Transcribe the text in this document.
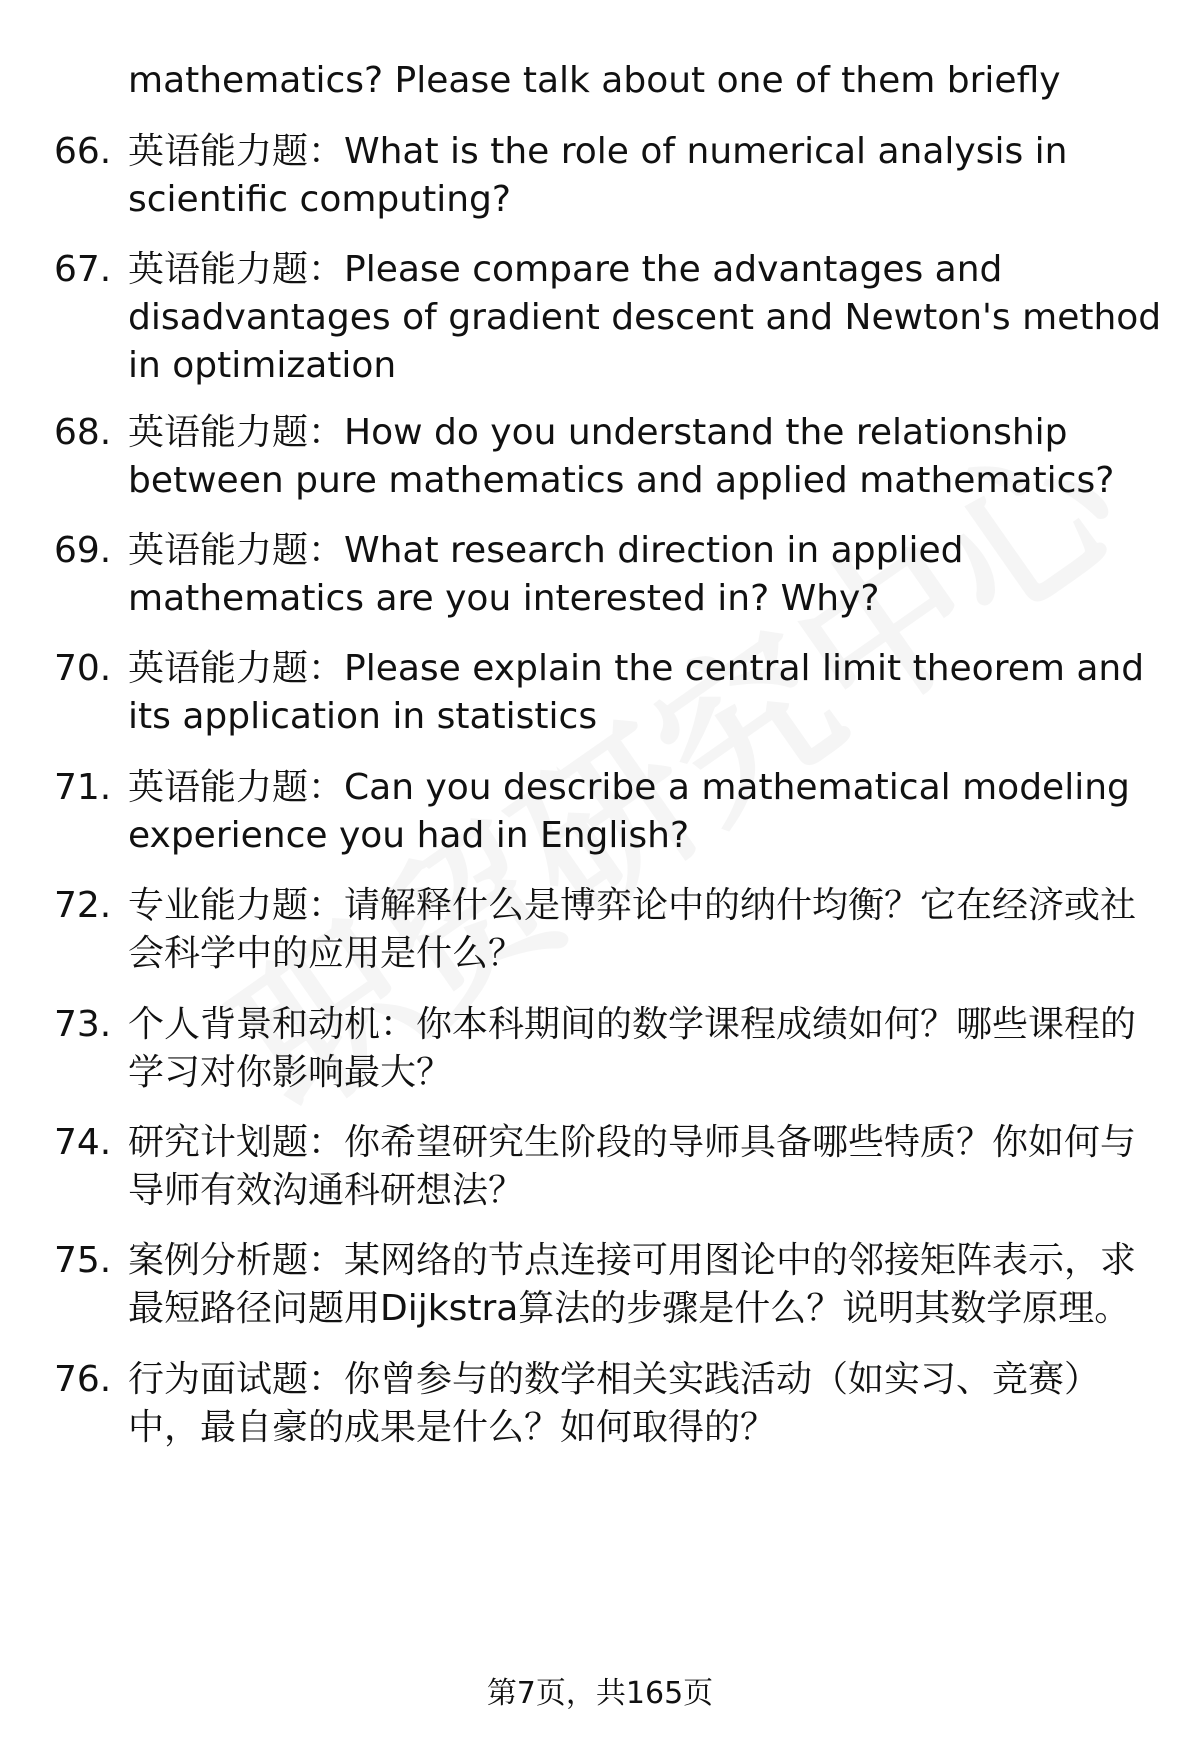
mathematics? Please talk about one of them briefly
66. 英语能力题：What is the role of numerical analysis in scientific computing?
67. 英语能力题：Please compare the advantages and disadvantages of gradient descent and Newton's method in optimization
68. 英语能力题：How do you understand the relationship between pure mathematics and applied mathematics?
69. 英语能力题：What research direction in applied mathematics are you interested in? Why?
70. 英语能力题：Please explain the central limit theorem and its application in statistics
71. 英语能力题：Can you describe a mathematical modeling experience you had in English?
72. 专业能力题：请解释什么是博弈论中的纳什均衡？它在经济或社会科学中的应用是什么？
73. 个人背景和动机：你本科期间的数学课程成绩如何？哪些课程的学习对你影响最大？
74. 研究计划题：你希望研究生阶段的导师具备哪些特质？你如何与导师有效沟通科研想法？
75. 案例分析题：某网络的节点连接可用图论中的邻接矩阵表示，求最短路径问题用Dijkstra算法的步骤是什么？说明其数学原理。
76. 行为面试题：你曾参与的数学相关实践活动（如实习、竞赛）中，最自豪的成果是什么？如何取得的？
第7页，共165页
